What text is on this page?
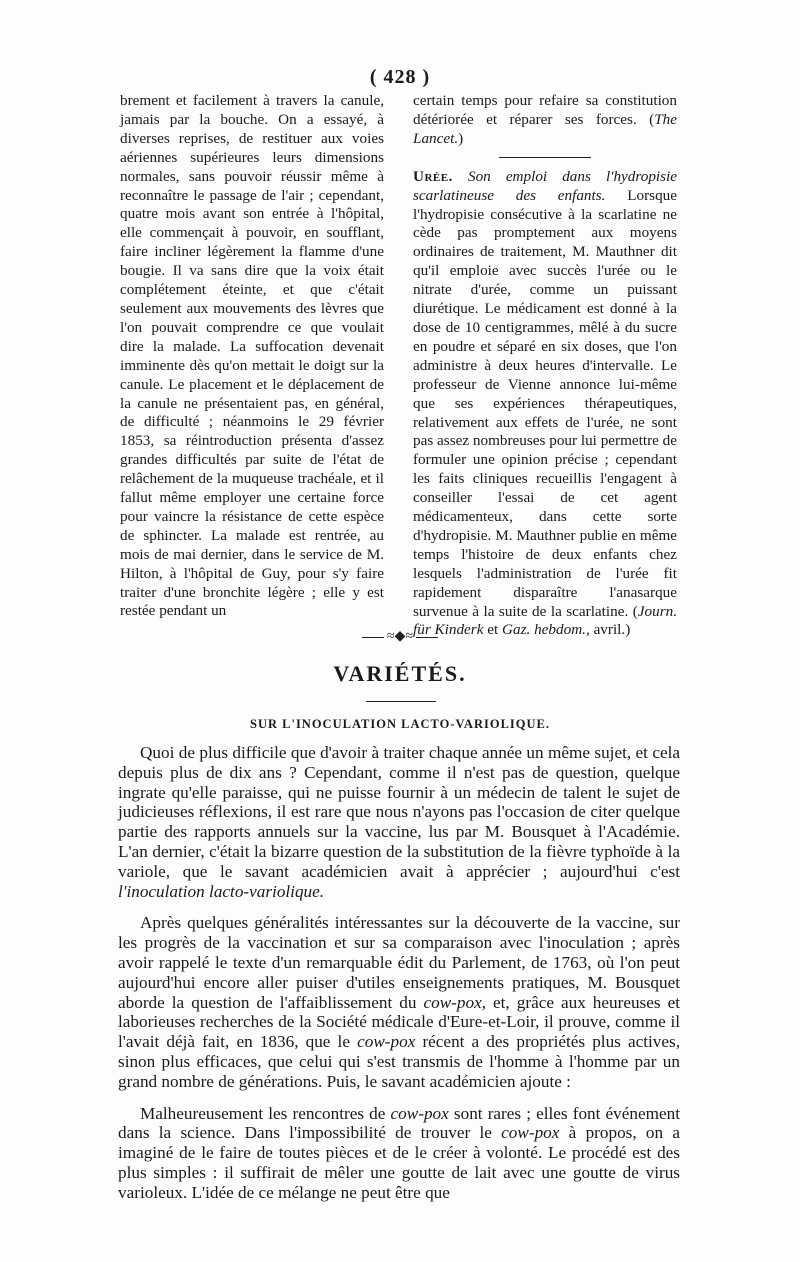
( 428 )

brement et facilement à travers la canule, jamais par la bouche. On a essayé, à diverses reprises, de restituer aux voies aériennes supérieures leurs dimensions normales, sans pouvoir réussir même à reconnaître le passage de l'air ; cependant, quatre mois avant son entrée à l'hôpital, elle commençait à pouvoir, en soufflant, faire incliner légèrement la flamme d'une bougie. Il va sans dire que la voix était complétement éteinte, et que c'était seulement aux mouvements des lèvres que l'on pouvait comprendre ce que voulait dire la malade. La suffocation devenait imminente dès qu'on mettait le doigt sur la canule. Le placement et le déplacement de la canule ne présentaient pas, en général, de difficulté ; néanmoins le 29 février 1853, sa réintroduction présenta d'assez grandes difficultés par suite de l'état de relâchement de la muqueuse trachéale, et il fallut même employer une certaine force pour vaincre la résistance de cette espèce de sphincter. La malade est rentrée, au mois de mai dernier, dans le service de M. Hilton, à l'hôpital de Guy, pour s'y faire traiter d'une bronchite légère ; elle y est restée pendant un

certain temps pour refaire sa constitution détériorée et réparer ses forces. (The Lancet.)

Urée. Son emploi dans l'hydropisie scarlatineuse des enfants. Lorsque l'hydropisie consécutive à la scarlatine ne cède pas promptement aux moyens ordinaires de traitement, M. Mauthner dit qu'il emploie avec succès l'urée ou le nitrate d'urée, comme un puissant diurétique. Le médicament est donné à la dose de 10 centigrammes, mêlé à du sucre en poudre et séparé en six doses, que l'on administre à deux heures d'intervalle. Le professeur de Vienne annonce lui-même que ses expériences thérapeutiques, relativement aux effets de l'urée, ne sont pas assez nombreuses pour lui permettre de formuler une opinion précise ; cependant les faits cliniques recueillis l'engagent à conseiller l'essai de cet agent médicamenteux, dans cette sorte d'hydropisie. M. Mauthner publie en même temps l'histoire de deux enfants chez lesquels l'administration de l'urée fit rapidement disparaître l'anasarque survenue à la suite de la scarlatine. (Journ. für Kinderk et Gaz. hebdom., avril.)

≈◆≈
VARIÉTÉS.
SUR L'INOCULATION LACTO-VARIOLIQUE.

Quoi de plus difficile que d'avoir à traiter chaque année un même sujet, et cela depuis plus de dix ans ? Cependant, comme il n'est pas de question, quelque ingrate qu'elle paraisse, qui ne puisse fournir à un médecin de talent le sujet de judicieuses réflexions, il est rare que nous n'ayons pas l'occasion de citer quelque partie des rapports annuels sur la vaccine, lus par M. Bousquet à l'Académie. L'an dernier, c'était la bizarre question de la substitution de la fièvre typhoïde à la variole, que le savant académicien avait à apprécier ; aujourd'hui c'est l'inoculation lacto-variolique.

Après quelques généralités intéressantes sur la découverte de la vaccine, sur les progrès de la vaccination et sur sa comparaison avec l'inoculation ; après avoir rappelé le texte d'un remarquable édit du Parlement, de 1763, où l'on peut aujourd'hui encore aller puiser d'utiles enseignements pratiques, M. Bousquet aborde la question de l'affaiblissement du cow-pox, et, grâce aux heureuses et laborieuses recherches de la Société médicale d'Eure-et-Loir, il prouve, comme il l'avait déjà fait, en 1836, que le cow-pox récent a des propriétés plus actives, sinon plus efficaces, que celui qui s'est transmis de l'homme à l'homme par un grand nombre de générations. Puis, le savant académicien ajoute :

Malheureusement les rencontres de cow-pox sont rares ; elles font événement dans la science. Dans l'impossibilité de trouver le cow-pox à propos, on a imaginé de le faire de toutes pièces et de le créer à volonté. Le procédé est des plus simples : il suffirait de mêler une goutte de lait avec une goutte de virus varioleux. L'idée de ce mélange ne peut être que
